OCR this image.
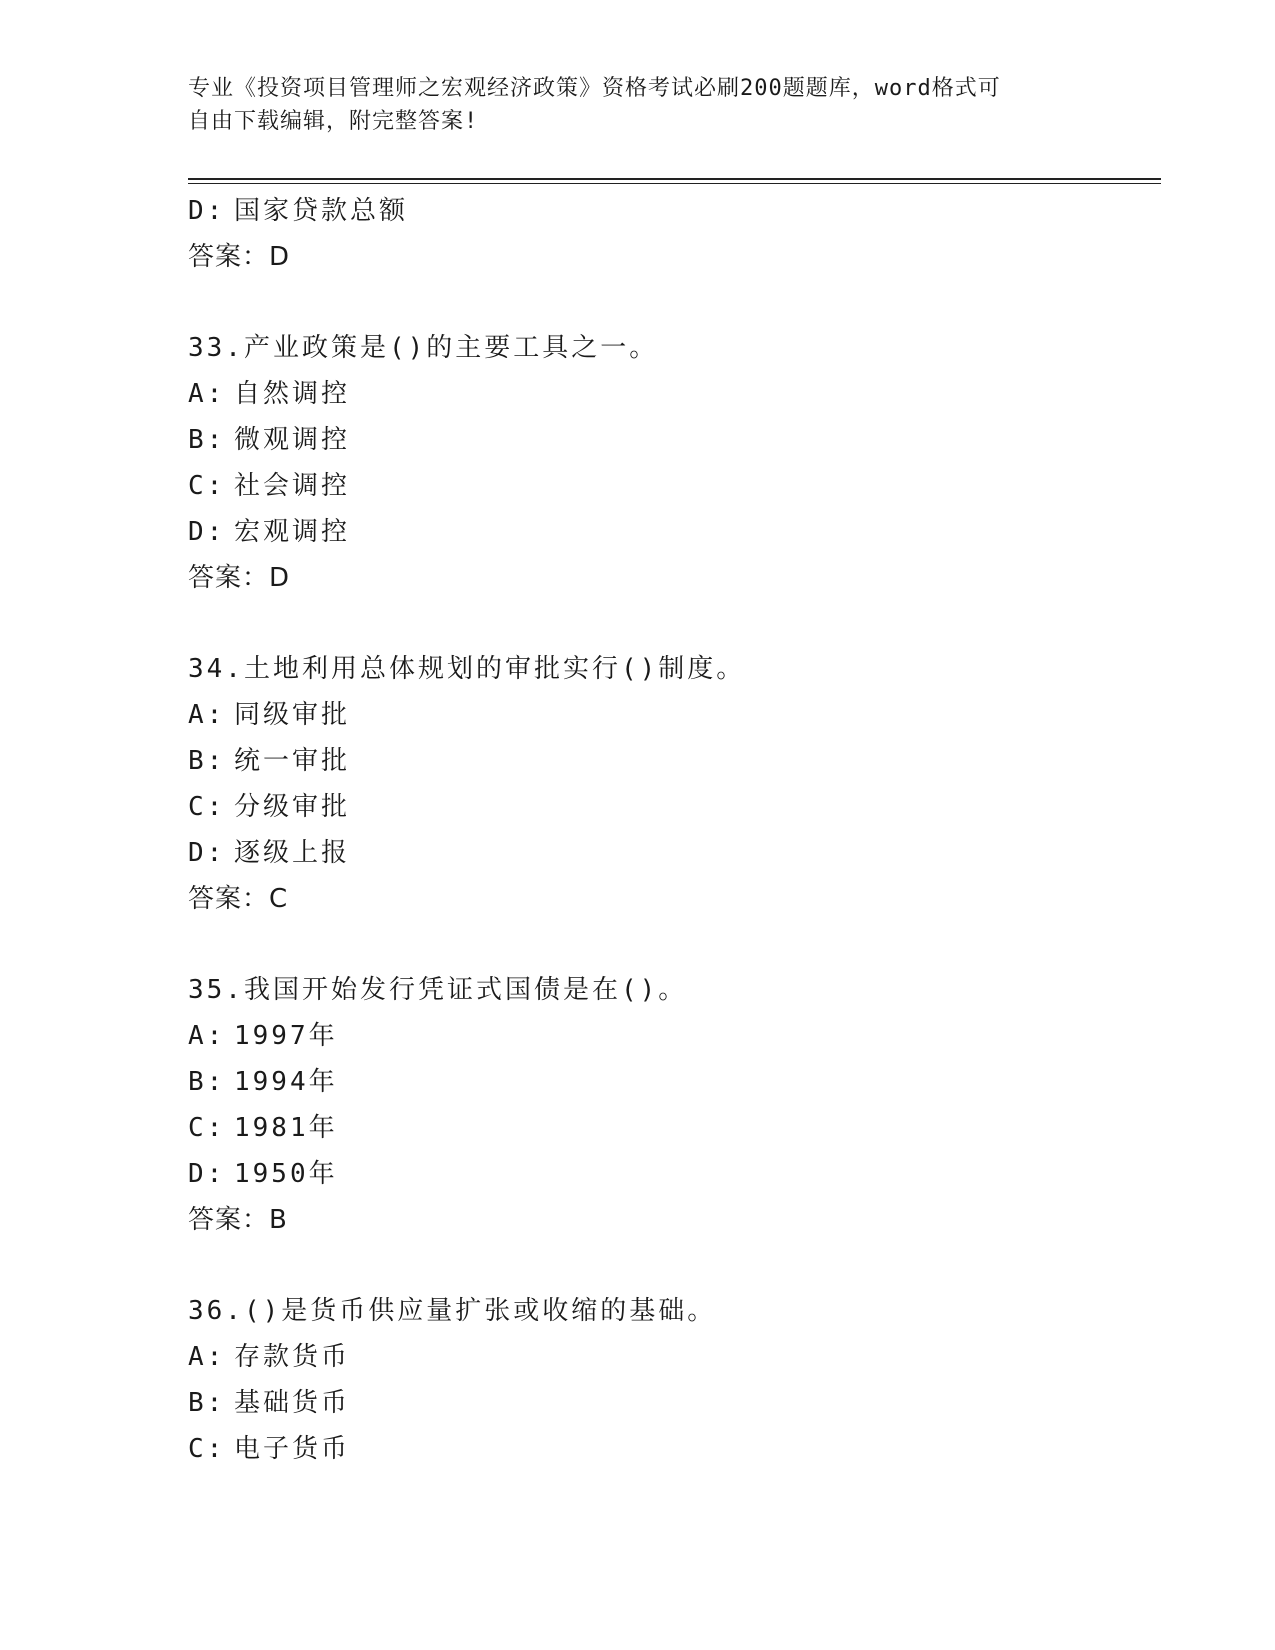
专业《投资项目管理师之宏观经济政策》资格考试必刷200题题库，word格式可
自由下载编辑，附完整答案!
D: 国家贷款总额
答案：D
33.产业政策是()的主要工具之一。
A: 自然调控
B: 微观调控
C: 社会调控
D: 宏观调控
答案：D
34.土地利用总体规划的审批实行()制度。
A: 同级审批
B: 统一审批
C: 分级审批
D: 逐级上报
答案：C
35.我国开始发行凭证式国债是在()。
A: 1997年
B: 1994年
C: 1981年
D: 1950年
答案：B
36.()是货币供应量扩张或收缩的基础。
A: 存款货币
B: 基础货币
C: 电子货币
